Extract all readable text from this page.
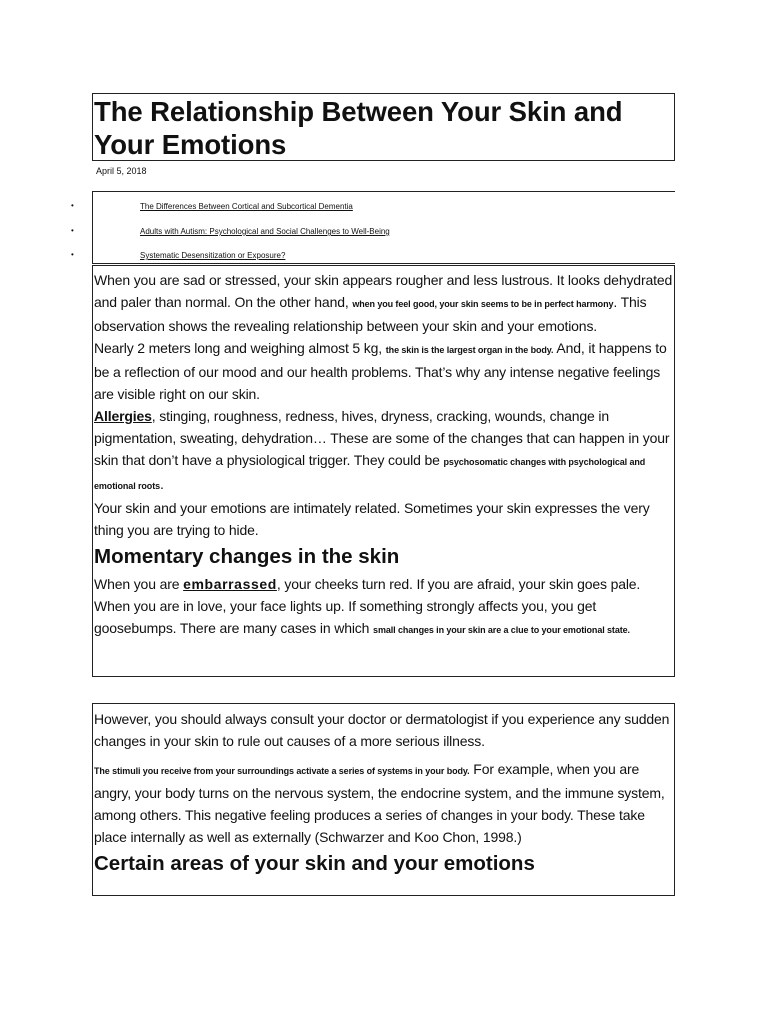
The Relationship Between Your Skin and Your Emotions
April 5, 2018
•	The Differences Between Cortical and Subcortical Dementia
•	Adults with Autism: Psychological and Social Challenges to Well-Being
•	Systematic Desensitization or Exposure?

When you are sad or stressed, your skin appears rougher and less lustrous. It looks dehydrated and paler than normal. On the other hand, when you feel good, your skin seems to be in perfect harmony. This observation shows the revealing relationship between your skin and your emotions.

Nearly 2 meters long and weighing almost 5 kg, the skin is the largest organ in the body. And, it happens to be a reflection of our mood and our health problems. That’s why any intense negative feelings are visible right on our skin.

Allergies, stinging, roughness, redness, hives, dryness, cracking, wounds, change in pigmentation, sweating, dehydration… These are some of the changes that can happen in your skin that don’t have a physiological trigger. They could be psychosomatic changes with psychological and emotional roots.

Your skin and your emotions are intimately related. Sometimes your skin expresses the very thing you are trying to hide.

Momentary changes in the skin

When you are embarrassed, your cheeks turn red. If you are afraid, your skin goes pale. When you are in love, your face lights up. If something strongly affects you, you get goosebumps. There are many cases in which small changes in your skin are a clue to your emotional state.

However, you should always consult your doctor or dermatologist if you experience any sudden changes in your skin to rule out causes of a more serious illness.

The stimuli you receive from your surroundings activate a series of systems in your body. For example, when you are angry, your body turns on the nervous system, the endocrine system, and the immune system, among others. This negative feeling produces a series of changes in your body. These take place internally as well as externally (Schwarzer and Koo Chon, 1998.)

Certain areas of your skin and your emotions
